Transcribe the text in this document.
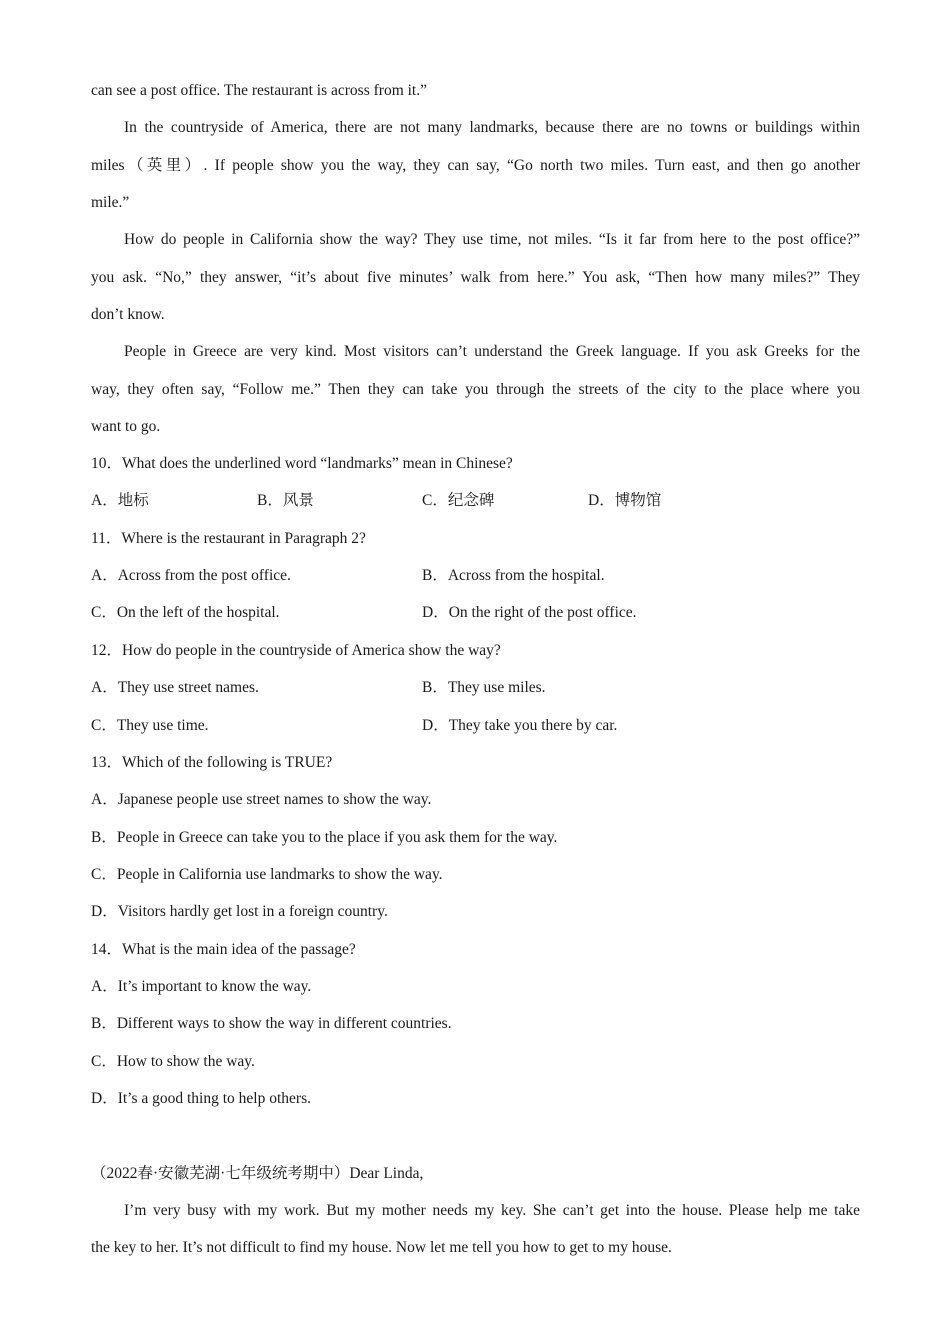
can see a post office. The restaurant is across from it.”
In the countryside of America, there are not many landmarks, because there are no towns or buildings within
miles（英里）. If people show you the way, they can say, “Go north two miles. Turn east, and then go another
mile.”
How do people in California show the way? They use time, not miles. “Is it far from here to the post office?”
you ask. “No,” they answer, “it’s about five minutes’ walk from here.” You ask, “Then how many miles?” They
don’t know.
People in Greece are very kind. Most visitors can’t understand the Greek language. If you ask Greeks for the
way, they often say, “Follow me.” Then they can take you through the streets of the city to the place where you
want to go.
10．What does the underlined word “landmarks” mean in Chinese?
A．地标	B．风景	C．纪念碑	D．博物馆
11．Where is the restaurant in Paragraph 2?
A．Across from the post office.	B．Across from the hospital.
C．On the left of the hospital.	D．On the right of the post office.
12．How do people in the countryside of America show the way?
A．They use street names.	B．They use miles.
C．They use time.	D．They take you there by car.
13．Which of the following is TRUE?
A．Japanese people use street names to show the way.
B．People in Greece can take you to the place if you ask them for the way.
C．People in California use landmarks to show the way.
D．Visitors hardly get lost in a foreign country.
14．What is the main idea of the passage?
A．It’s important to know the way.
B．Different ways to show the way in different countries.
C．How to show the way.
D．It’s a good thing to help others.
（2022春·安徽芜湖·七年级统考期中）Dear Linda,
I’m very busy with my work. But my mother needs my key. She can’t get into the house. Please help me take
the key to her. It’s not difficult to find my house. Now let me tell you how to get to my house.
